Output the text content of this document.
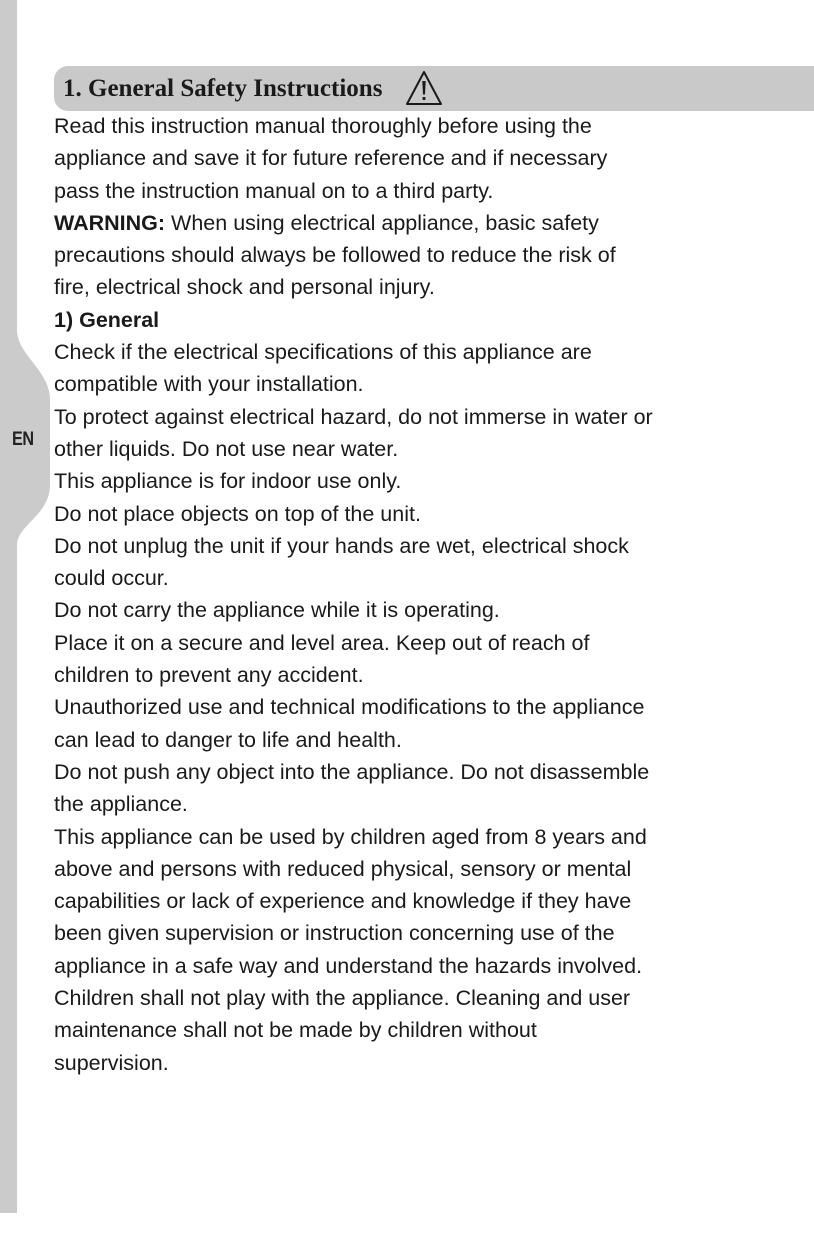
EN
1. General Safety Instructions

Read this instruction manual thoroughly before using the

appliance and save it for future reference and if necessary

pass the instruction manual on to a third party.

WARNING: When using electrical appliance, basic safety

precautions should always be followed to reduce the risk of

fire, electrical shock and personal injury.

1) General

Check if the electrical specifications of this appliance are

compatible with your installation.

To protect against electrical hazard, do not immerse in water or

other liquids. Do not use near water.

This appliance is for indoor use only.

Do not place objects on top of the unit.

Do not unplug the unit if your hands are wet, electrical shock

could occur.

Do not carry the appliance while it is operating.

Place it on a secure and level area. Keep out of reach of

children to prevent any accident.

Unauthorized use and technical modifications to the appliance

can lead to danger to life and health.

Do not push any object into the appliance. Do not disassemble

the appliance.

This appliance can be used by children aged from 8 years and

above and persons with reduced physical, sensory or mental

capabilities or lack of experience and knowledge if they have

been given supervision or instruction concerning use of the

appliance in a safe way and understand the hazards involved.

Children shall not play with the appliance. Cleaning and user

maintenance shall not be made by children without

supervision.
